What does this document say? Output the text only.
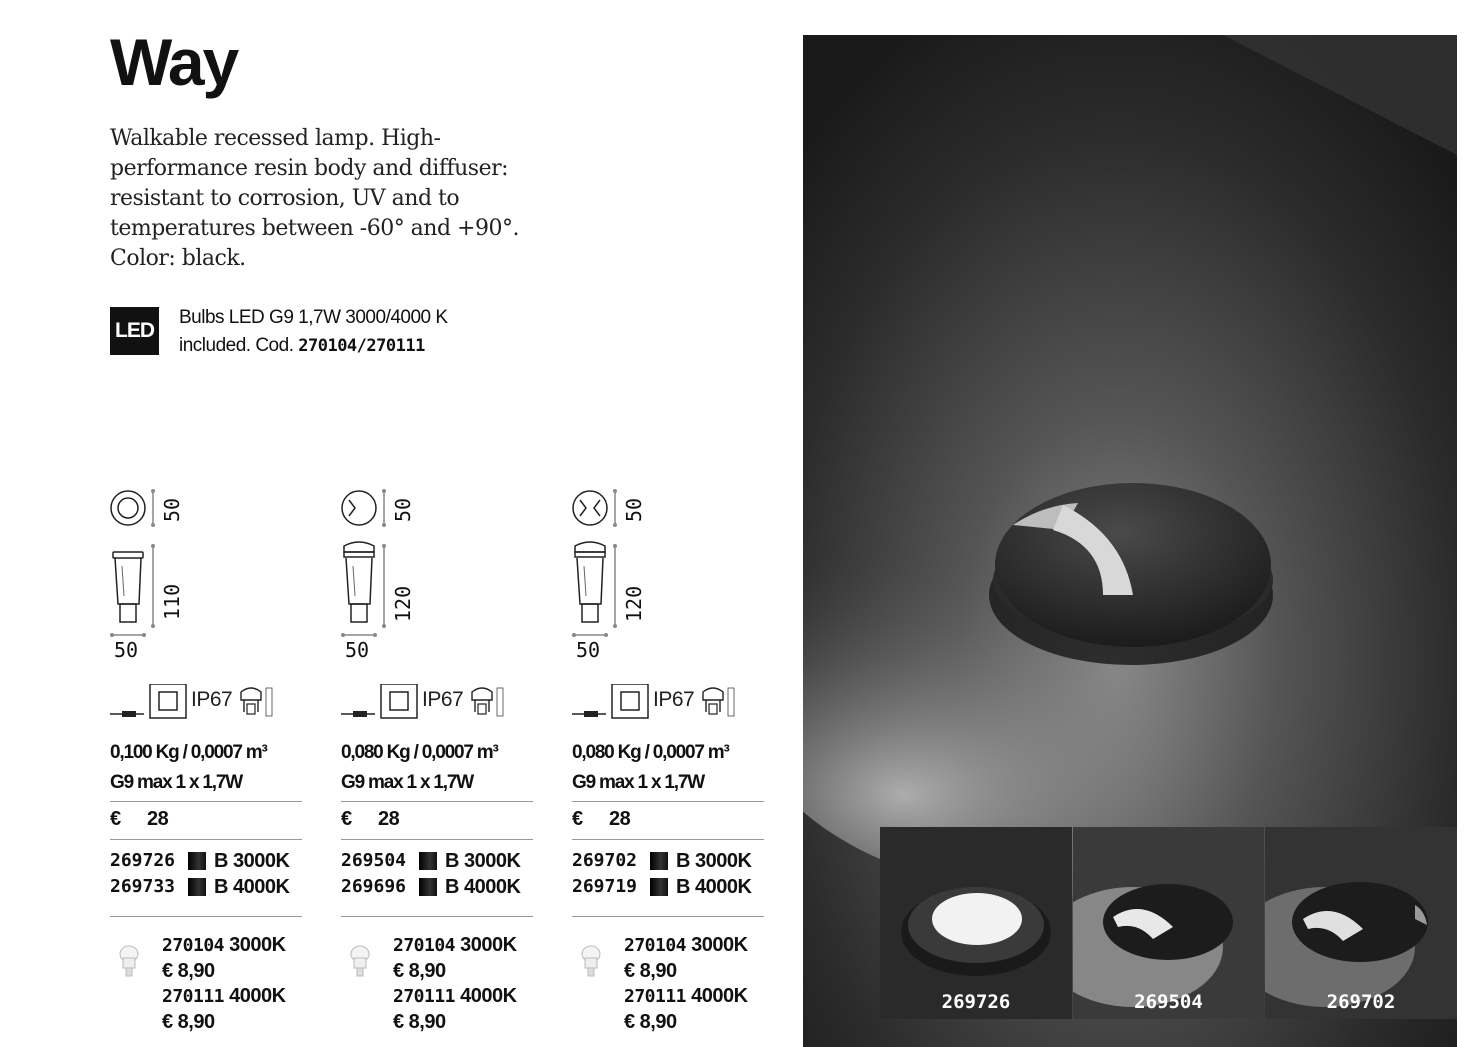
Way

Walkable recessed lamp. High-performance resin body and diffuser: resistant to corrosion, UV and to temperatures between -60° and +90°. Color: black.

LED
Bulbs LED G9 1,7W 3000/4000 K
included. Cod. 270104/270111
50
110
50
IP67
0,100 Kg / 0,0007 m³
G9 max 1 x 1,7W
€ 28
269726	B 3000K
269733	B 4000K
270104 3000K
€ 8,90
270111 4000K
€ 8,90
50
120
50
IP67
0,080 Kg / 0,0007 m³
G9 max 1 x 1,7W
€ 28
269504	B 3000K
269696	B 4000K
270104 3000K
€ 8,90
270111 4000K
€ 8,90
50
120
50
IP67
0,080 Kg / 0,0007 m³
G9 max 1 x 1,7W
€ 28
269702	B 3000K
269719	B 4000K
270104 3000K
€ 8,90
270111 4000K
€ 8,90
269726	269504	269702
